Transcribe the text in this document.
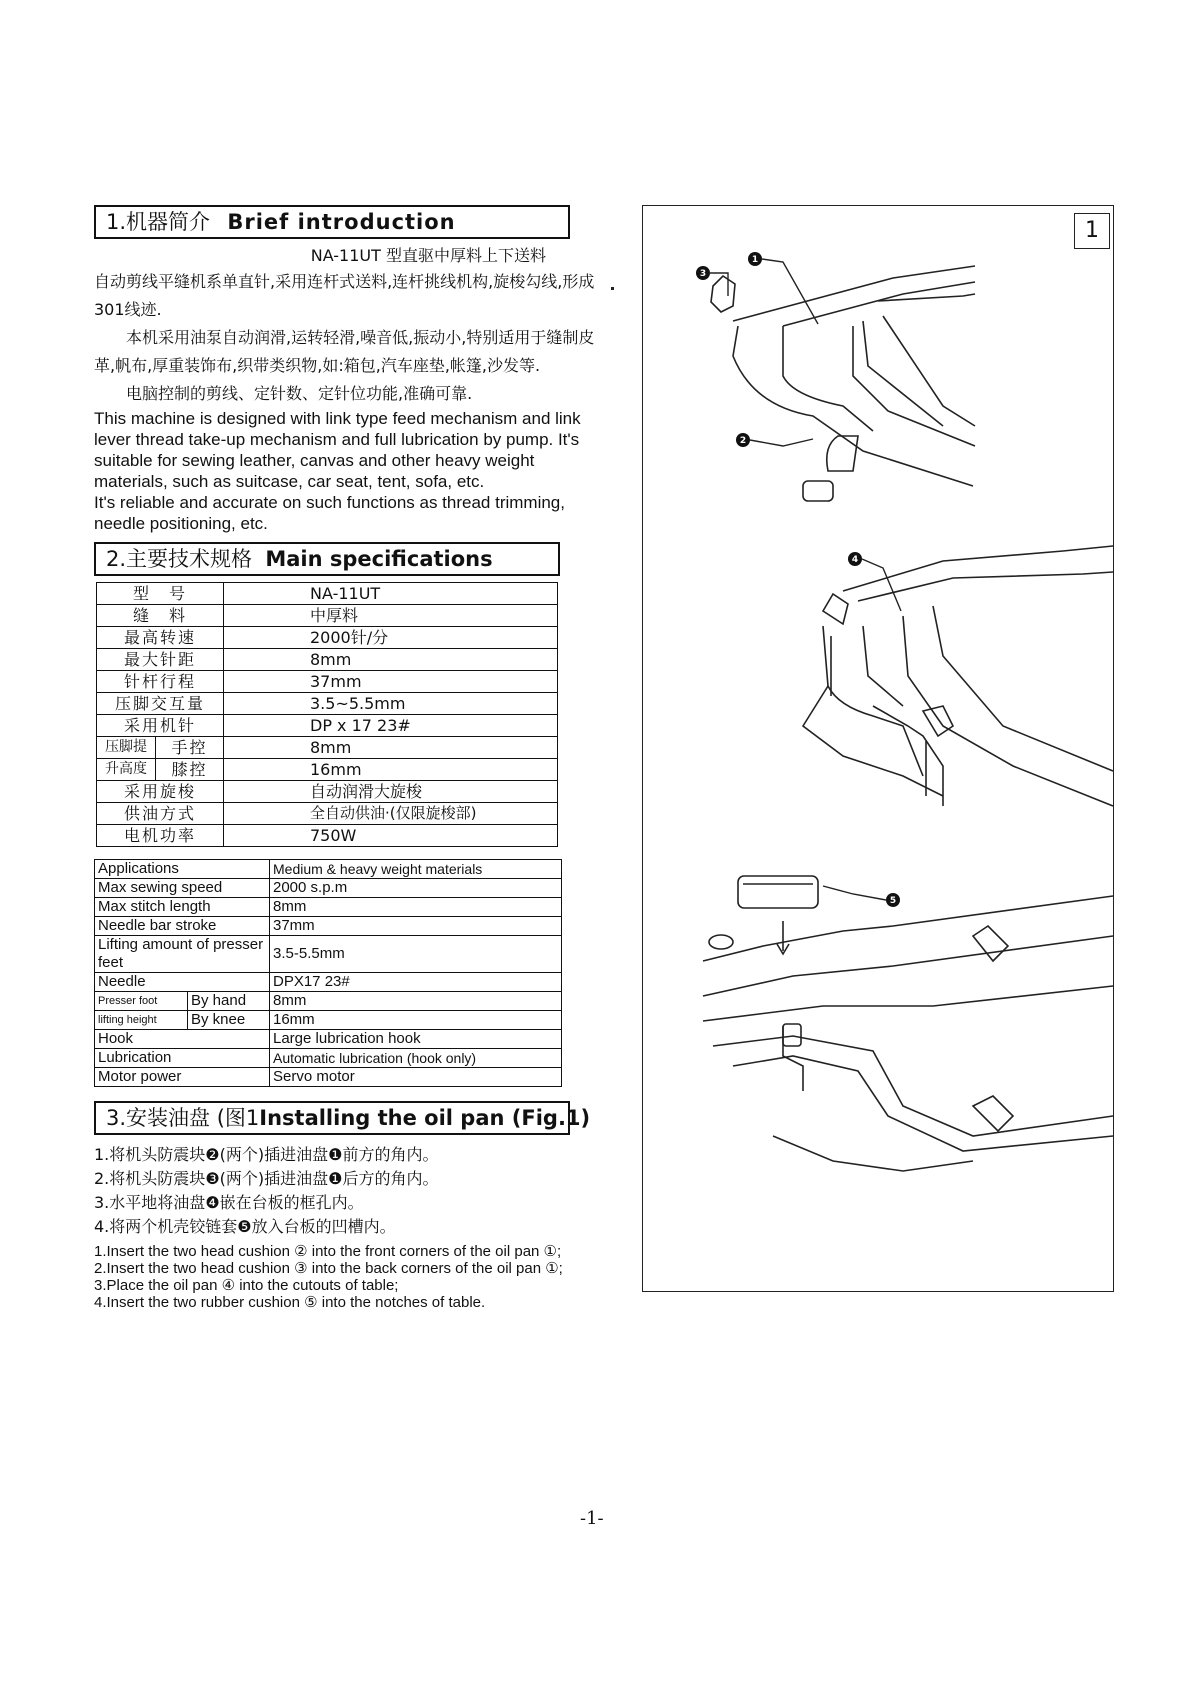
1.机器简介 Brief introduction
NA-11UT 型直驱中厚料上下送料

自动剪线平缝机系单直针,采用连杆式送料,连杆挑线机构,旋梭勾线,形成301线迹.

本机采用油泵自动润滑,运转轻滑,噪音低,振动小,特别适用于缝制皮革,帆布,厚重装饰布,织带类织物,如:箱包,汽车座垫,帐篷,沙发等.

电脑控制的剪线、定针数、定针位功能,准确可靠.

This machine is designed with link type feed mechanism and link lever thread take-up mechanism and full lubrication by pump. It's suitable for sewing leather, canvas and other heavy weight materials, such as suitcase, car seat, tent, sofa, etc.

It's reliable and accurate on such functions as thread trimming, needle positioning, etc.

2.主要技术规格 Main specifications
型　号	NA-11UT
缝　料	中厚料
最高转速	2000针/分
最大针距	8mm
针杆行程	37mm
压脚交互量	3.5~5.5mm
采用机针	DP x 17 23#

压脚提 手控	8mm

升高度 膝控	16mm
采用旋梭	自动润滑大旋梭
供油方式	全自动供油·(仅限旋梭部)
电机功率	750W
Applications		Medium & heavy weight materials
Max sewing speed		2000 s.p.m
Max stitch length		8mm
Needle bar stroke		37mm
Lifting amount of presser feet		3.5-5.5mm
Needle		DPX17 23#
Presser foot	By hand	8mm
lifting height	By knee	16mm
Hook		Large lubrication hook
Lubrication		Automatic lubrication (hook only)
Motor power		Servo motor
3.安装油盘 (图1Installing the oil pan (Fig.1)
1.将机头防震块❷(两个)插进油盘❶前方的角内。
2.将机头防震块❸(两个)插进油盘❶后方的角内。
3.水平地将油盘❹嵌在台板的框孔内。
4.将两个机壳铰链套❺放入台板的凹槽内。
1.Insert the two head cushion ② into the front corners of the oil pan ①;
2.Insert the two head cushion ③ into the back corners of the oil pan ①;
3.Place the oil pan ④ into the cutouts of table;
4.Insert the two rubber cushion ⑤ into the notches of table.
3
1
2
4
5
1
-1-
